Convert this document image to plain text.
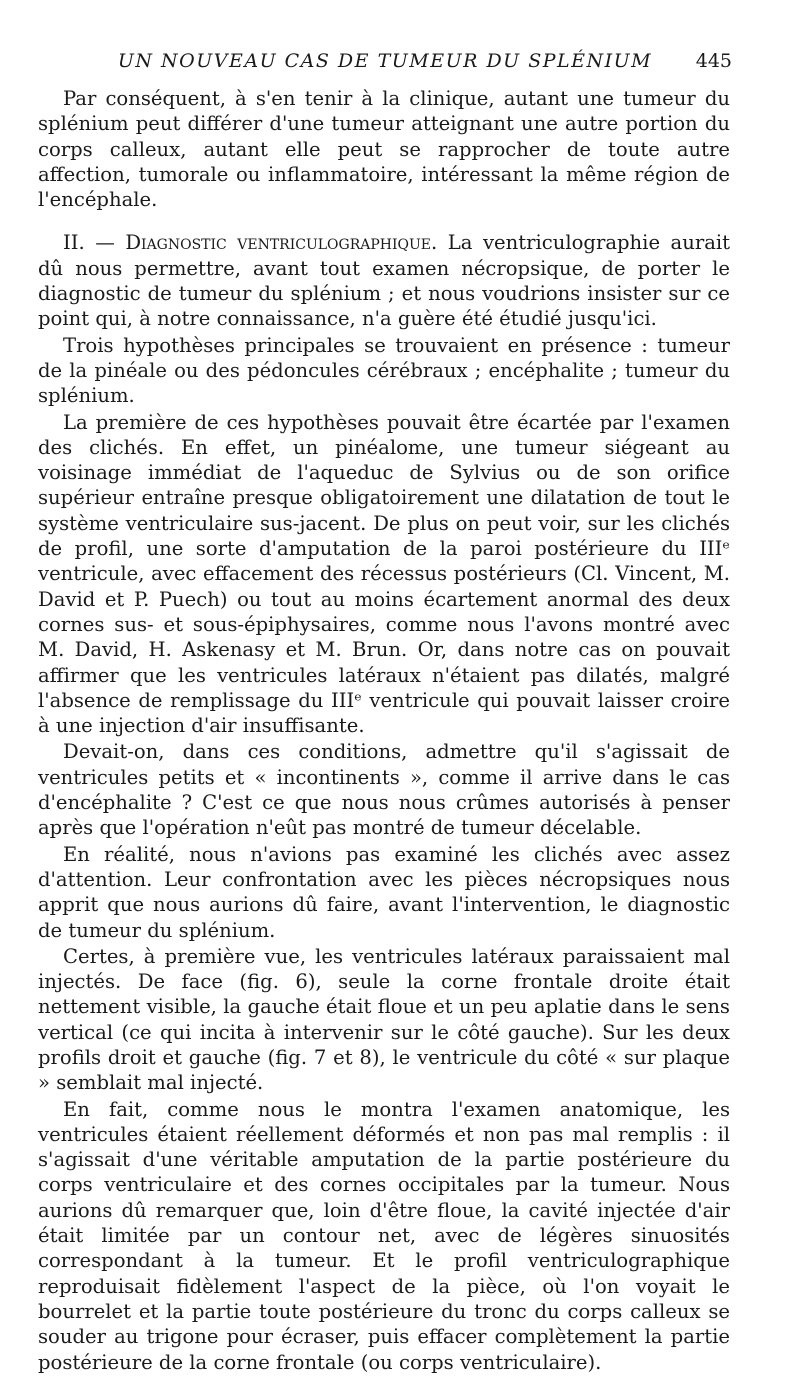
UN NOUVEAU CAS DE TUMEUR DU SPLÉNIUM	445

Par conséquent, à s'en tenir à la clinique, autant une tumeur du splénium peut différer d'une tumeur atteignant une autre portion du corps calleux, autant elle peut se rapprocher de toute autre affection, tumorale ou inflammatoire, intéressant la même région de l'encéphale.

II. — Diagnostic ventriculographique. La ventriculographie aurait dû nous permettre, avant tout examen nécropsique, de porter le diagnostic de tumeur du splénium ; et nous voudrions insister sur ce point qui, à notre connaissance, n'a guère été étudié jusqu'ici.

Trois hypothèses principales se trouvaient en présence : tumeur de la pinéale ou des pédoncules cérébraux ; encéphalite ; tumeur du splénium.

La première de ces hypothèses pouvait être écartée par l'examen des clichés. En effet, un pinéalome, une tumeur siégeant au voisinage immédiat de l'aqueduc de Sylvius ou de son orifice supérieur entraîne presque obligatoirement une dilatation de tout le système ventriculaire sus-jacent. De plus on peut voir, sur les clichés de profil, une sorte d'amputation de la paroi postérieure du IIIᵉ ventricule, avec effacement des récessus postérieurs (Cl. Vincent, M. David et P. Puech) ou tout au moins écartement anormal des deux cornes sus- et sous-épiphysaires, comme nous l'avons montré avec M. David, H. Askenasy et M. Brun. Or, dans notre cas on pouvait affirmer que les ventricules latéraux n'étaient pas dilatés, malgré l'absence de remplissage du IIIᵉ ventricule qui pouvait laisser croire à une injection d'air insuffisante.

Devait-on, dans ces conditions, admettre qu'il s'agissait de ventricules petits et « incontinents », comme il arrive dans le cas d'encéphalite ? C'est ce que nous nous crûmes autorisés à penser après que l'opération n'eût pas montré de tumeur décelable.

En réalité, nous n'avions pas examiné les clichés avec assez d'attention. Leur confrontation avec les pièces nécropsiques nous apprit que nous aurions dû faire, avant l'intervention, le diagnostic de tumeur du splénium.

Certes, à première vue, les ventricules latéraux paraissaient mal injectés. De face (fig. 6), seule la corne frontale droite était nettement visible, la gauche était floue et un peu aplatie dans le sens vertical (ce qui incita à intervenir sur le côté gauche). Sur les deux profils droit et gauche (fig. 7 et 8), le ventricule du côté « sur plaque » semblait mal injecté.

En fait, comme nous le montra l'examen anatomique, les ventricules étaient réellement déformés et non pas mal remplis : il s'agissait d'une véritable amputation de la partie postérieure du corps ventriculaire et des cornes occipitales par la tumeur. Nous aurions dû remarquer que, loin d'être floue, la cavité injectée d'air était limitée par un contour net, avec de légères sinuosités correspondant à la tumeur. Et le profil ventriculographique reproduisait fidèlement l'aspect de la pièce, où l'on voyait le bourrelet et la partie toute postérieure du tronc du corps calleux se souder au trigone pour écraser, puis effacer complètement la partie postérieure de la corne frontale (ou corps ventriculaire).
